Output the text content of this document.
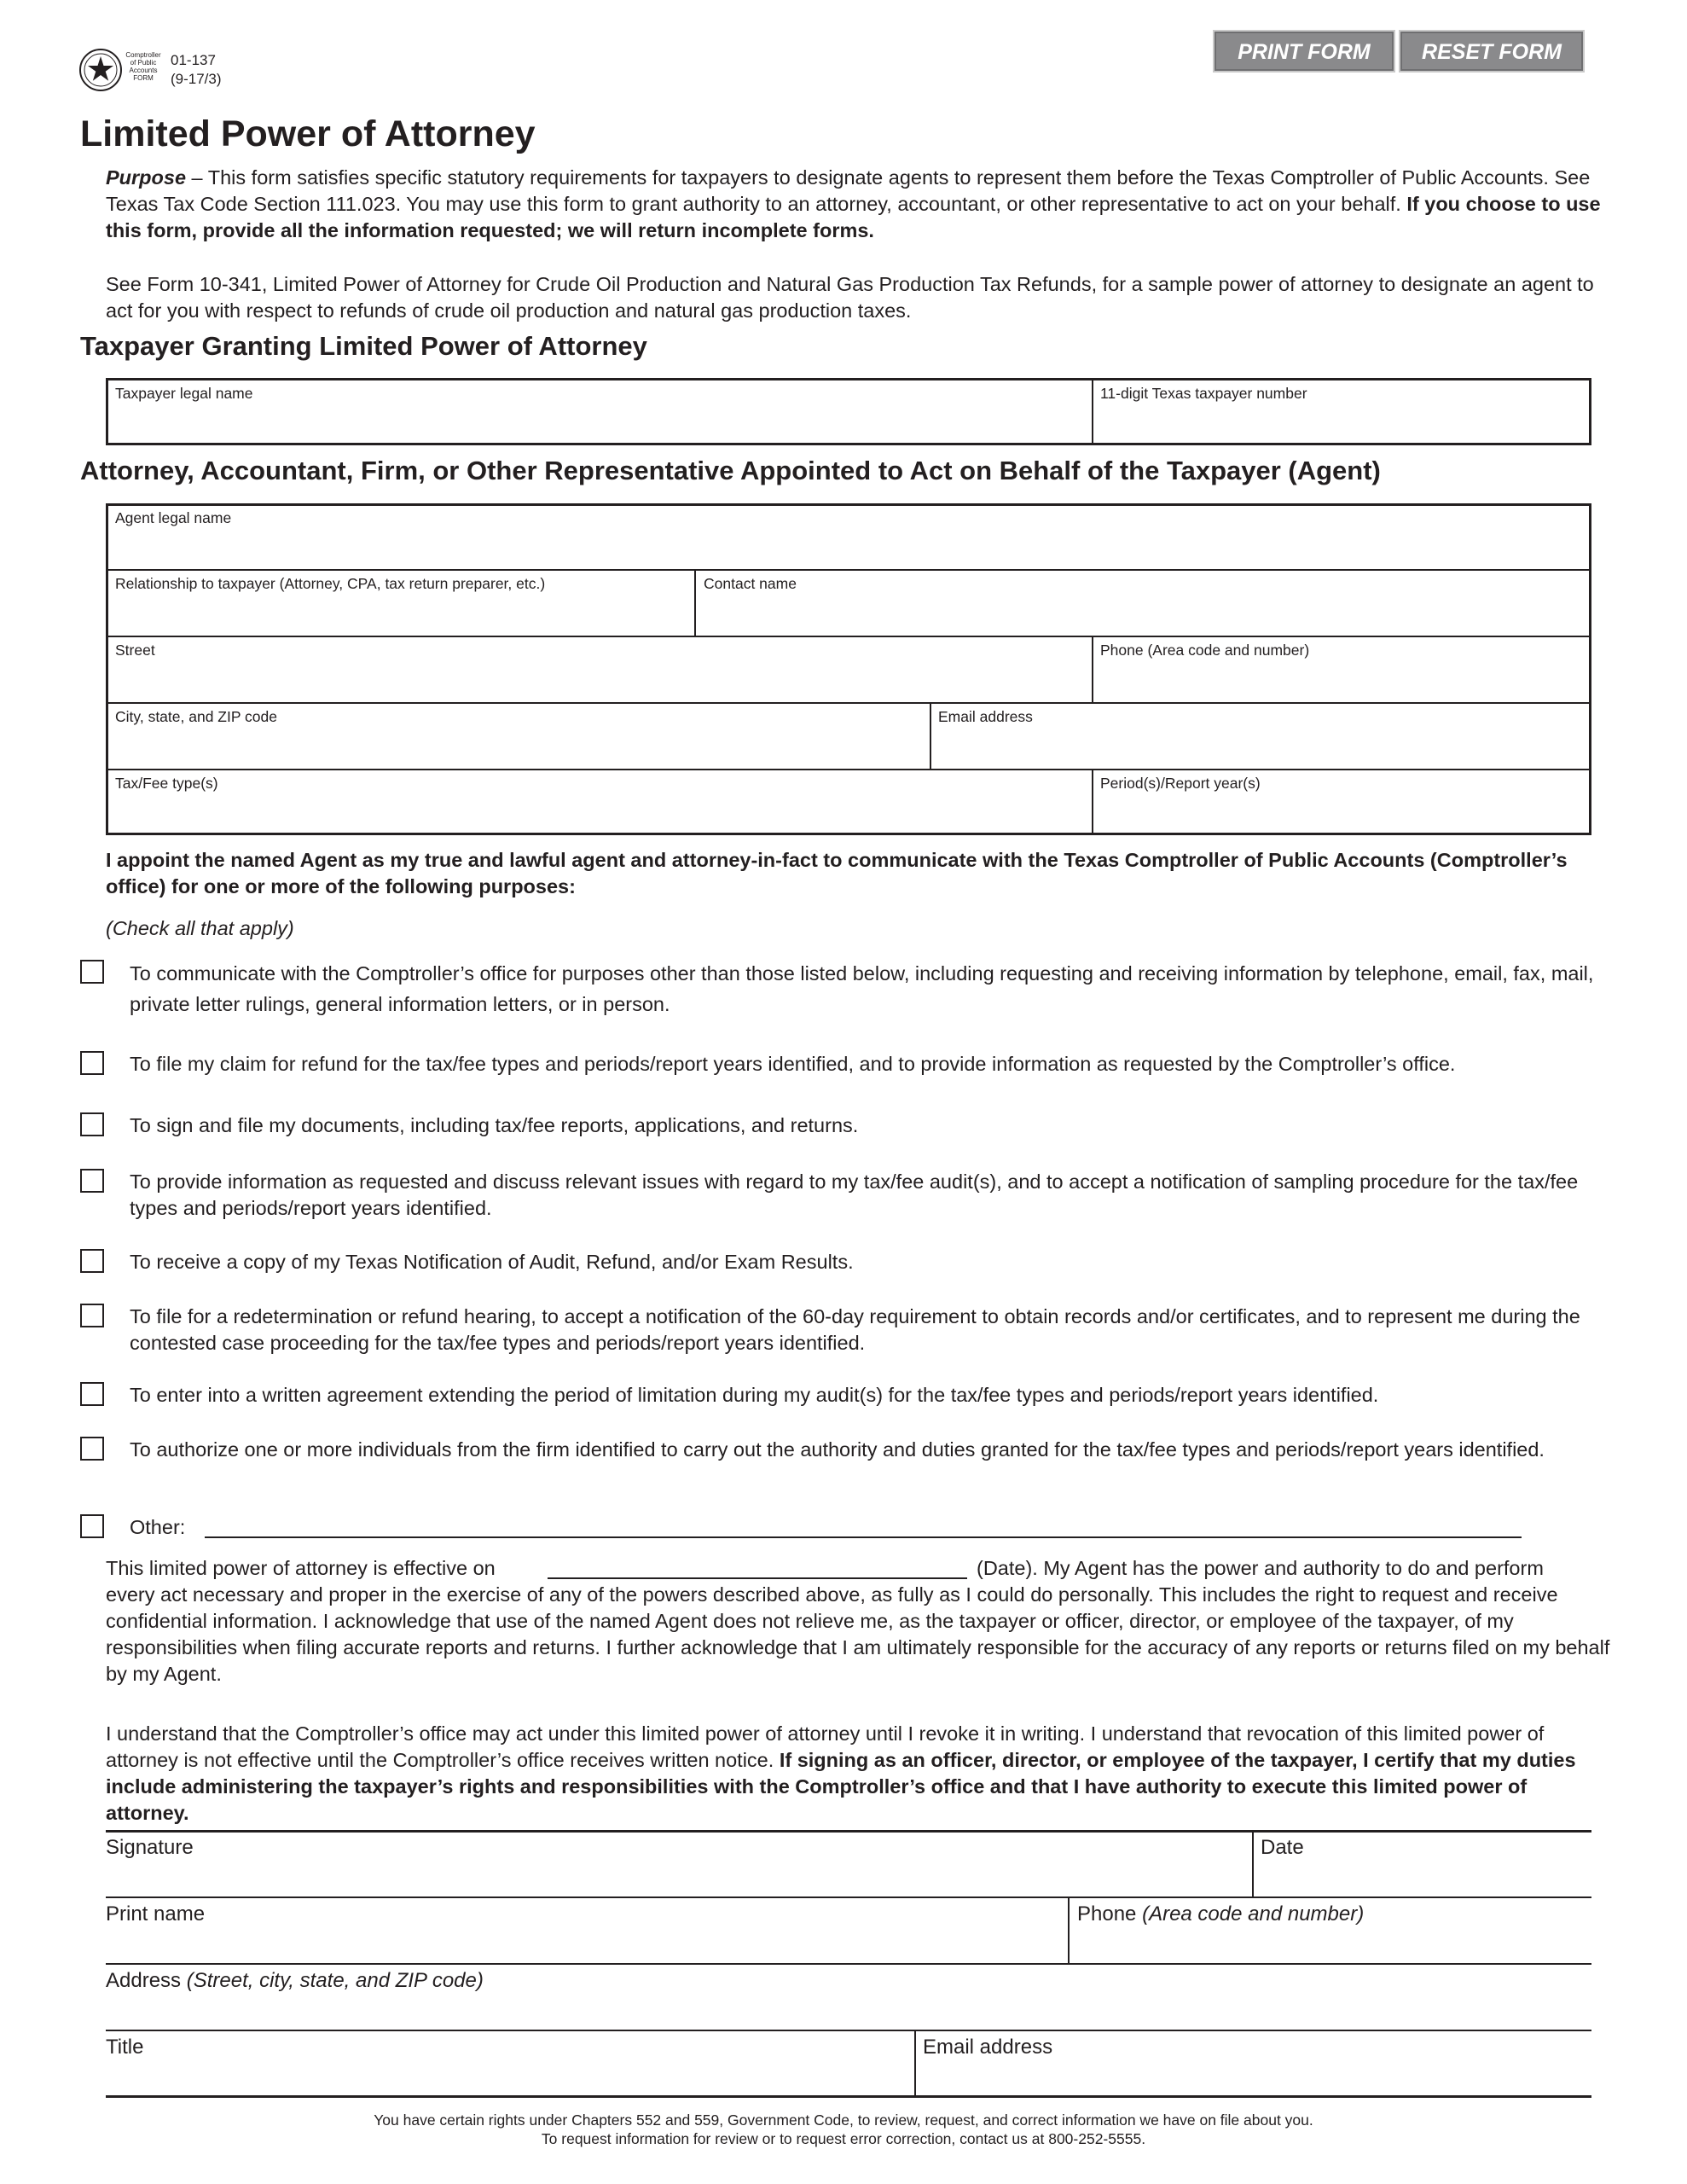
Comptroller
of Public
Accounts
FORM
01-137
(9-17/3)
PRINT FORM	RESET FORM
Limited Power of Attorney
Purpose – This form satisfies specific statutory requirements for taxpayers to designate agents to represent them before the Texas Comptroller of Public Accounts. See Texas Tax Code Section 111.023. You may use this form to grant authority to an attorney, accountant, or other representative to act on your behalf. If you choose to use this form, provide all the information requested; we will return incomplete forms.
See Form 10-341, Limited Power of Attorney for Crude Oil Production and Natural Gas Production Tax Refunds, for a sample power of attorney to designate an agent to act for you with respect to refunds of crude oil production and natural gas production taxes.
Taxpayer Granting Limited Power of Attorney
Taxpayer legal name	11-digit Texas taxpayer number
Attorney, Accountant, Firm, or Other Representative Appointed to Act on Behalf of the Taxpayer (Agent)
Agent legal name
Relationship to taxpayer (Attorney, CPA, tax return preparer, etc.)	Contact name
Street	Phone (Area code and number)
City, state, and ZIP code	Email address
Tax/Fee type(s)	Period(s)/Report year(s)
I appoint the named Agent as my true and lawful agent and attorney-in-fact to communicate with the Texas Comptroller of Public Accounts (Comptroller’s office) for one or more of the following purposes:
(Check all that apply)
To communicate with the Comptroller’s office for purposes other than those listed below, including requesting and receiving information by telephone, email, fax, mail, private letter rulings, general information letters, or in person.
To file my claim for refund for the tax/fee types and periods/report years identified, and to provide information as requested by the Comptroller’s office.
To sign and file my documents, including tax/fee reports, applications, and returns.
To provide information as requested and discuss relevant issues with regard to my tax/fee audit(s), and to accept a notification of sampling procedure for the tax/fee types and periods/report years identified.
To receive a copy of my Texas Notification of Audit, Refund, and/or Exam Results.
To file for a redetermination or refund hearing, to accept a notification of the 60-day requirement to obtain records and/or certificates, and to represent me during the contested case proceeding for the tax/fee types and periods/report years identified.
To enter into a written agreement extending the period of limitation during my audit(s) for the tax/fee types and periods/report years identified.
To authorize one or more individuals from the firm identified to carry out the authority and duties granted for the tax/fee types and periods/report years identified.
Other:
This limited power of attorney is effective on	(Date). My Agent has the power and authority to do and perform
every act necessary and proper in the exercise of any of the powers described above, as fully as I could do personally. This includes the right to request and receive confidential information. I acknowledge that use of the named Agent does not relieve me, as the taxpayer or officer, director, or employee of the taxpayer, of my responsibilities when filing accurate reports and returns. I further acknowledge that I am ultimately responsible for the accuracy of any reports or returns filed on my behalf by my Agent.
I understand that the Comptroller’s office may act under this limited power of attorney until I revoke it in writing. I understand that revocation of this limited power of attorney is not effective until the Comptroller’s office receives written notice. If signing as an officer, director, or employee of the taxpayer, I certify that my duties include administering the taxpayer’s rights and responsibilities with the Comptroller’s office and that I have authority to execute this limited power of attorney.
Signature	Date
Print name	Phone (Area code and number)
Address (Street, city, state, and ZIP code)
Title	Email address
You have certain rights under Chapters 552 and 559, Government Code, to review, request, and correct information we have on file about you.
To request information for review or to request error correction, contact us at 800-252-5555.
